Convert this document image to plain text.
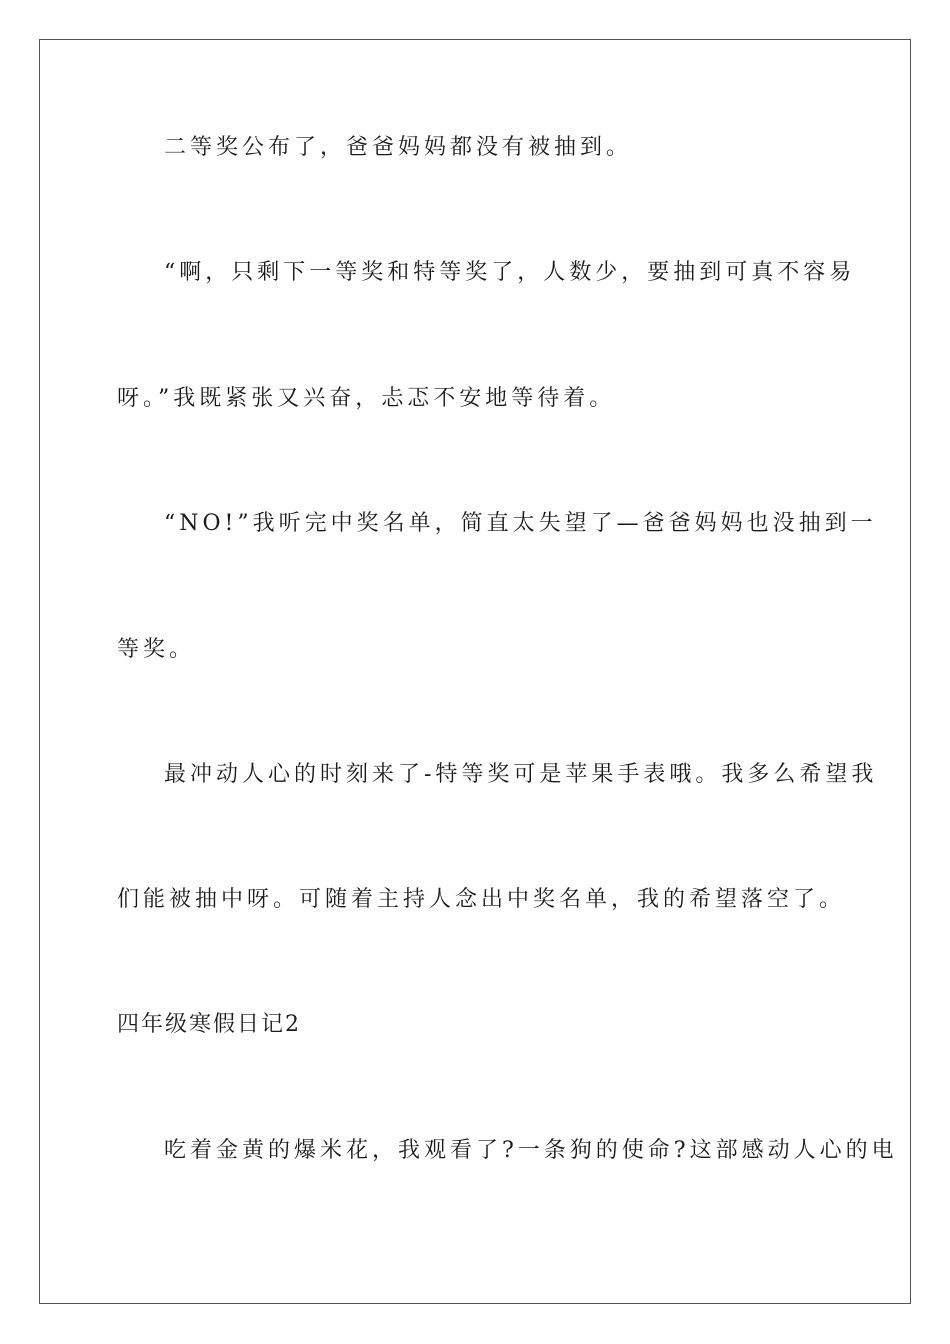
二等奖公布了，爸爸妈妈都没有被抽到。
“啊，只剩下一等奖和特等奖了，人数少，要抽到可真不容易
呀。”我既紧张又兴奋，忐忑不安地等待着。
“NO!”我听完中奖名单，简直太失望了—爸爸妈妈也没抽到一
等奖。
最冲动人心的时刻来了-特等奖可是苹果手表哦。我多么希望我
们能被抽中呀。可随着主持人念出中奖名单，我的希望落空了。
四年级寒假日记2
吃着金黄的爆米花，我观看了?一条狗的使命?这部感动人心的电
